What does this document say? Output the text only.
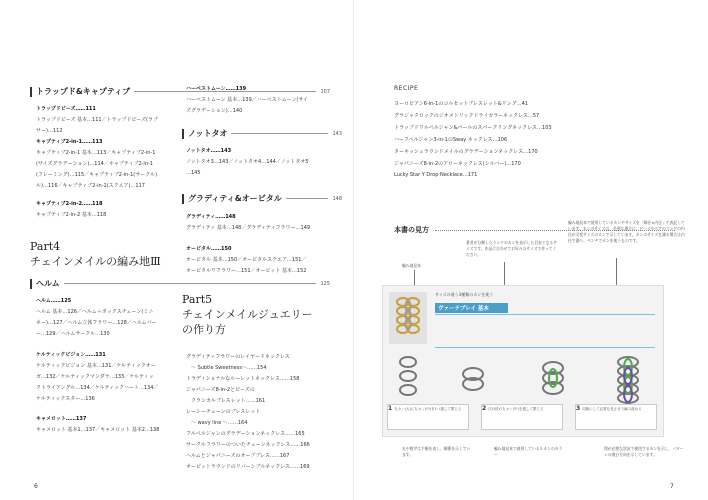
トラップド&キャプティブ	107
トラップドビーズ……111
トラップドビーズ 基本…111／トラップドビーズ(ラブ
サー)…112
キャプティブ2-in-1……113
キャプティブ2-in-1 基本…113／キャプティブ2-in-1
(サイズグラデーション)…114／キャプティブ2-in-1
(フレーミング)…115／キャプティブ2-in-1(サークル)
ル)…116／キャプティブ2-in-1(スクエア)…117
キャプティブ2-in-2……118
キャプティブ2-in-2 基本…118
Part4
チェインメイルの編み地Ⅲ
ヘルム	125
ヘルム……125
ヘルム 基本…126／ヘルム＋ボックスチェーン(ミニ
ネー)…127／ヘルム立体フラワー…128／ヘルムバー
ー…129／ヘルムサークル…130
ケルティックビジョン……131
ケルティックビジョン 基本…131／ケルティックオー
ガ…132／ケルティックマンダラ…133／ケルティッ
クトライアングル…134／ケルティックハート…134／
ケルティックスター…136
キャメロット……137
キャメロット 基本1…137／キャメロット 基本2…138
6
ハーベストムーン……139
ハーベストムーン 基本…139／ハーベストムーン(サイ
ズグラデーション)…140
ノットタオ	143
ノットタオ……143
ノットタオ3…143／ノットタオ4…144／ノットタオ5
…145
グラディティ&オービタル	148
グラディティ……148
グラディティ 基本…148／グラディティフラワー…149
オービタル……150
オービタル 基本…150／オービタルスクエア…151／
オービタルワフラワー…151／オービット 基本…152
Part5
チェインメイルジュエリー
の作り方
グラディティフラワーのレイヤードネックレス
　〜 Subtle Sweetness〜……154
トラディショナルなルーレットネックレス……158
ジャパニーズ8-in-2とビーズの
　クラシカルブレスレット……161
レーシーチェーンのブレスレット
　〜 wavy line 〜……164
フルペルジャンのグラデーションネックレス……165
サークルフラワーのついたチェーンネックレス……166
ヘルムとジャパニーズのオーブブレス……167
オービットラウンドのリバーシブルネックレス……169
RECIPE
ヨーロピアン6-in-1のコルセットブレスレット&リング…41
グラジャクロックのジオメトリックドライカラーネックレス…57
トラップドワルペルジャン&パールのスパークリングネックレス…103
ハーフペルジャン3-in-1のSway ネックレス…106
ターキッシュラウンドメイルのグラデーションネックレス…170
ジャパニーズ8-in-2のアローネックレス(シルバー)…170
Lucky Star Y Drop Necklace…171
本書の見方
編み地見本で使用しているカンやサイズを「線径×内径」で表記しています。カンのサイズは、必要な場合に、ビーズやペアのリングの内径が可変サイズのカンで示しています。カンのサイズを測る場合は内径で測り、ペンチでカンを使うものです。
著者が分類したランクのカンを表示した目安となるサイズです。作品に合わせてお好みのサイズで作ってください。
編み地見本
丸や数字は手順を表し、順番を示しています。
編み地見本で使用しているルカンのカラー
図が必要な状況で使用するカンを示し、パターンの進む方向を示しています。
7
サイズの違う3種類のカンを使う
ヴァーテブレイ 基本
1 丸カン(大)に丸カン(中)を1つ通して閉じる	2 次の段の丸カン(中)を通して閉じる	3 同様にして必要な長さまで編み進める
